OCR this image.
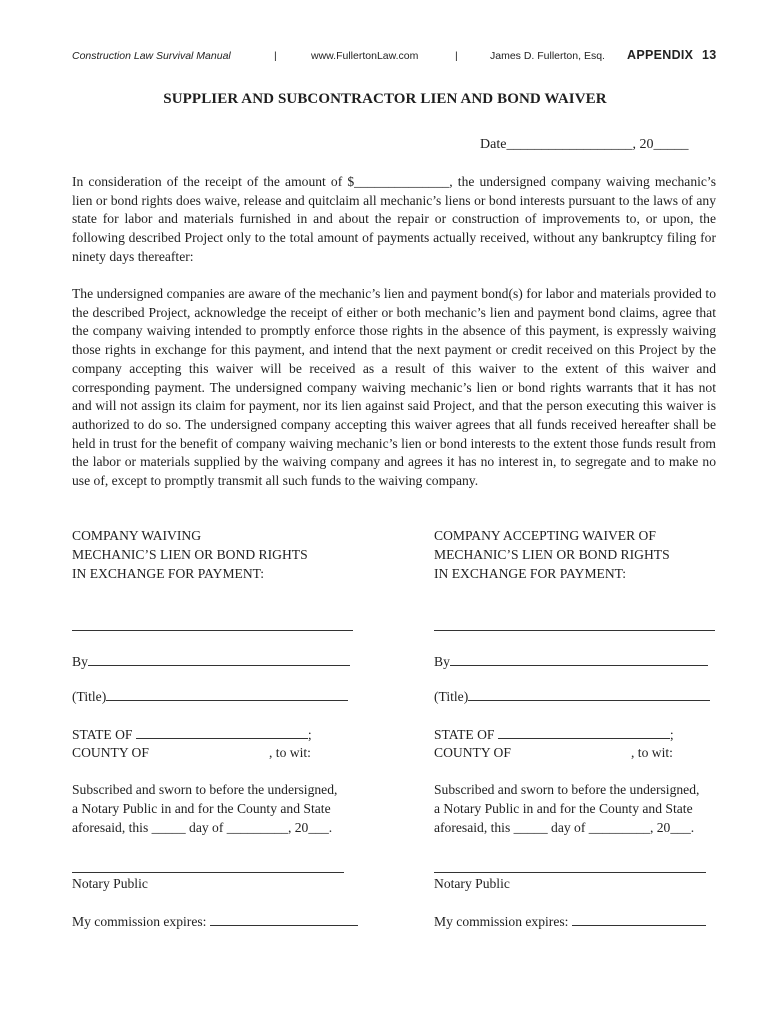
Construction Law Survival Manual	|	www.FullertonLaw.com	|	James D. Fullerton, Esq. APPENDIX 13
SUPPLIER AND SUBCONTRACTOR LIEN AND BOND WAIVER
Date__________________, 20_____
In consideration of the receipt of the amount of $______________, the undersigned company waiving mechanic’s lien or bond rights does waive, release and quitclaim all mechanic’s liens or bond interests pursuant to the laws of any state for labor and materials furnished in and about the repair or construction of improvements to, or upon, the following described Project only to the total amount of payments actually received, without any bankruptcy filing for ninety days thereafter:
The undersigned companies are aware of the mechanic’s lien and payment bond(s) for labor and materials provided to the described Project, acknowledge the receipt of either or both mechanic’s lien and payment bond claims, agree that the company waiving intended to promptly enforce those rights in the absence of this payment, is expressly waiving those rights in exchange for this payment, and intend that the next payment or credit received on this Project by the company accepting this waiver will be received as a result of this waiver to the extent of this waiver and corresponding payment. The undersigned company waiving mechanic’s lien or bond rights warrants that it has not and will not assign its claim for payment, nor its lien against said Project, and that the person executing this waiver is authorized to do so. The undersigned company accepting this waiver agrees that all funds received hereafter shall be held in trust for the benefit of company waiving mechanic’s lien or bond interests to the extent those funds result from the labor or materials supplied by the waiving company and agrees it has no interest in, to segregate and to make no use of, except to promptly transmit all such funds to the waiving company.
COMPANY WAIVING
MECHANIC’S LIEN OR BOND RIGHTS
IN EXCHANGE FOR PAYMENT:
By
(Title)
STATE OF	;
COUNTY OF	, to wit:
Subscribed and sworn to before the undersigned,
a Notary Public in and for the County and State
aforesaid, this _____ day of _________, 20___.
Notary Public
My commission expires:
COMPANY ACCEPTING WAIVER OF
MECHANIC’S LIEN OR BOND RIGHTS
IN EXCHANGE FOR PAYMENT:
By
(Title)
STATE OF	;
COUNTY OF	, to wit:
Subscribed and sworn to before the undersigned,
a Notary Public in and for the County and State
aforesaid, this _____ day of _________, 20___.
Notary Public
My commission expires:
